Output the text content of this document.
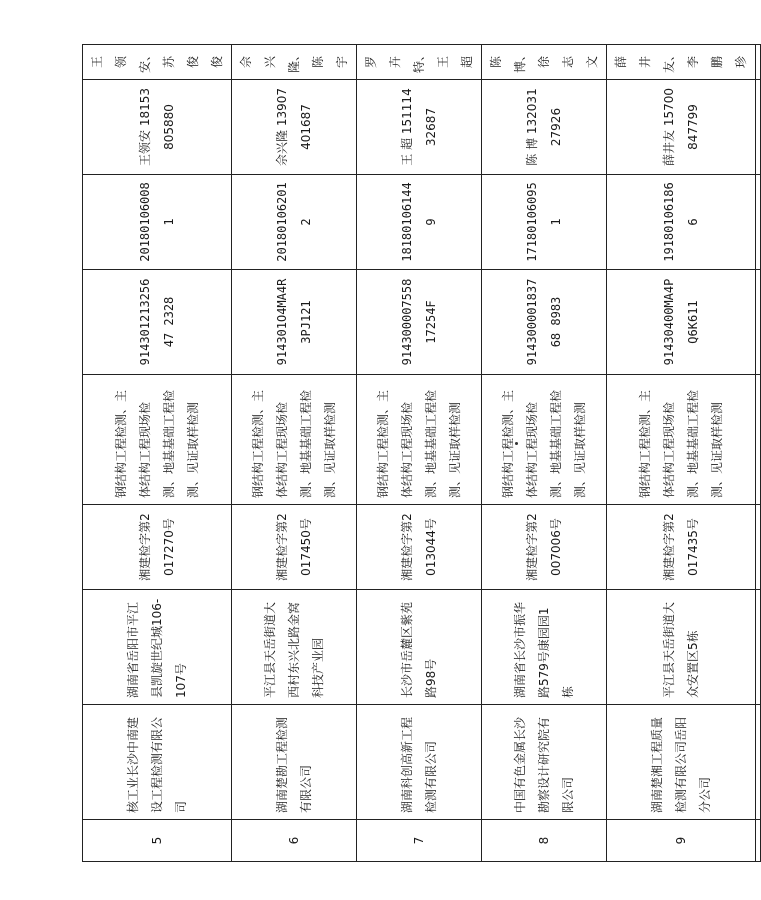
5	核工业长沙中南建设工程检测有限公司	湖南省岳阳市平江县凯旋世纪城106-107号	湘建检字第2017270号	钢结构工程检测、主体结构工程现场检测、地基基础工程检测、见证取样检测	91430121325647 2328	20180106008 1	王领安 18153805880	王领安、苏俊俊
6	湖南楚勘工程检测有限公司	平江县天岳街道大西村东兴北路金窝科技产业园	湘建检字第2017450号	钢结构工程检测、主体结构工程现场检测、地基基础工程检测、见证取样检测	914301O4MA4R3PJ121	201801062012	佘兴隆 13907401687	佘兴隆、陈 宇
7	湖南科创高新工程检测有限公司	长沙市岳麓区紫苑路98号	湘建检字第2013044号	钢结构工程检测、主体结构工程现场检测、地基基础工程检测、见证取样检测	91430000755817254F	181801061449	王 超 15111432687	罗卉特、王 超
8	中国有色金属长沙勘察设计研究院有限公司	湖南省长沙市振华路579号康园园1栋	湘建检字第2007006号	钢结构工程检测、主体结构工程现场检测、地基基础工程检测、见证取样检测	91430000183768 8983	171801060951	陈 博 13203127926	陈 博、徐志文
9	湖南楚湘工程质量检测有限公司岳阳分公司	平江县天岳街道大众安置区5栋	湘建检字第2017435号	钢结构工程检测、主体结构工程现场检测、地基基础工程检测、见证取样检测	91430400MA4PQ6K611	191801061866	薛井友 15700847799	薛井友、李鹏珍
